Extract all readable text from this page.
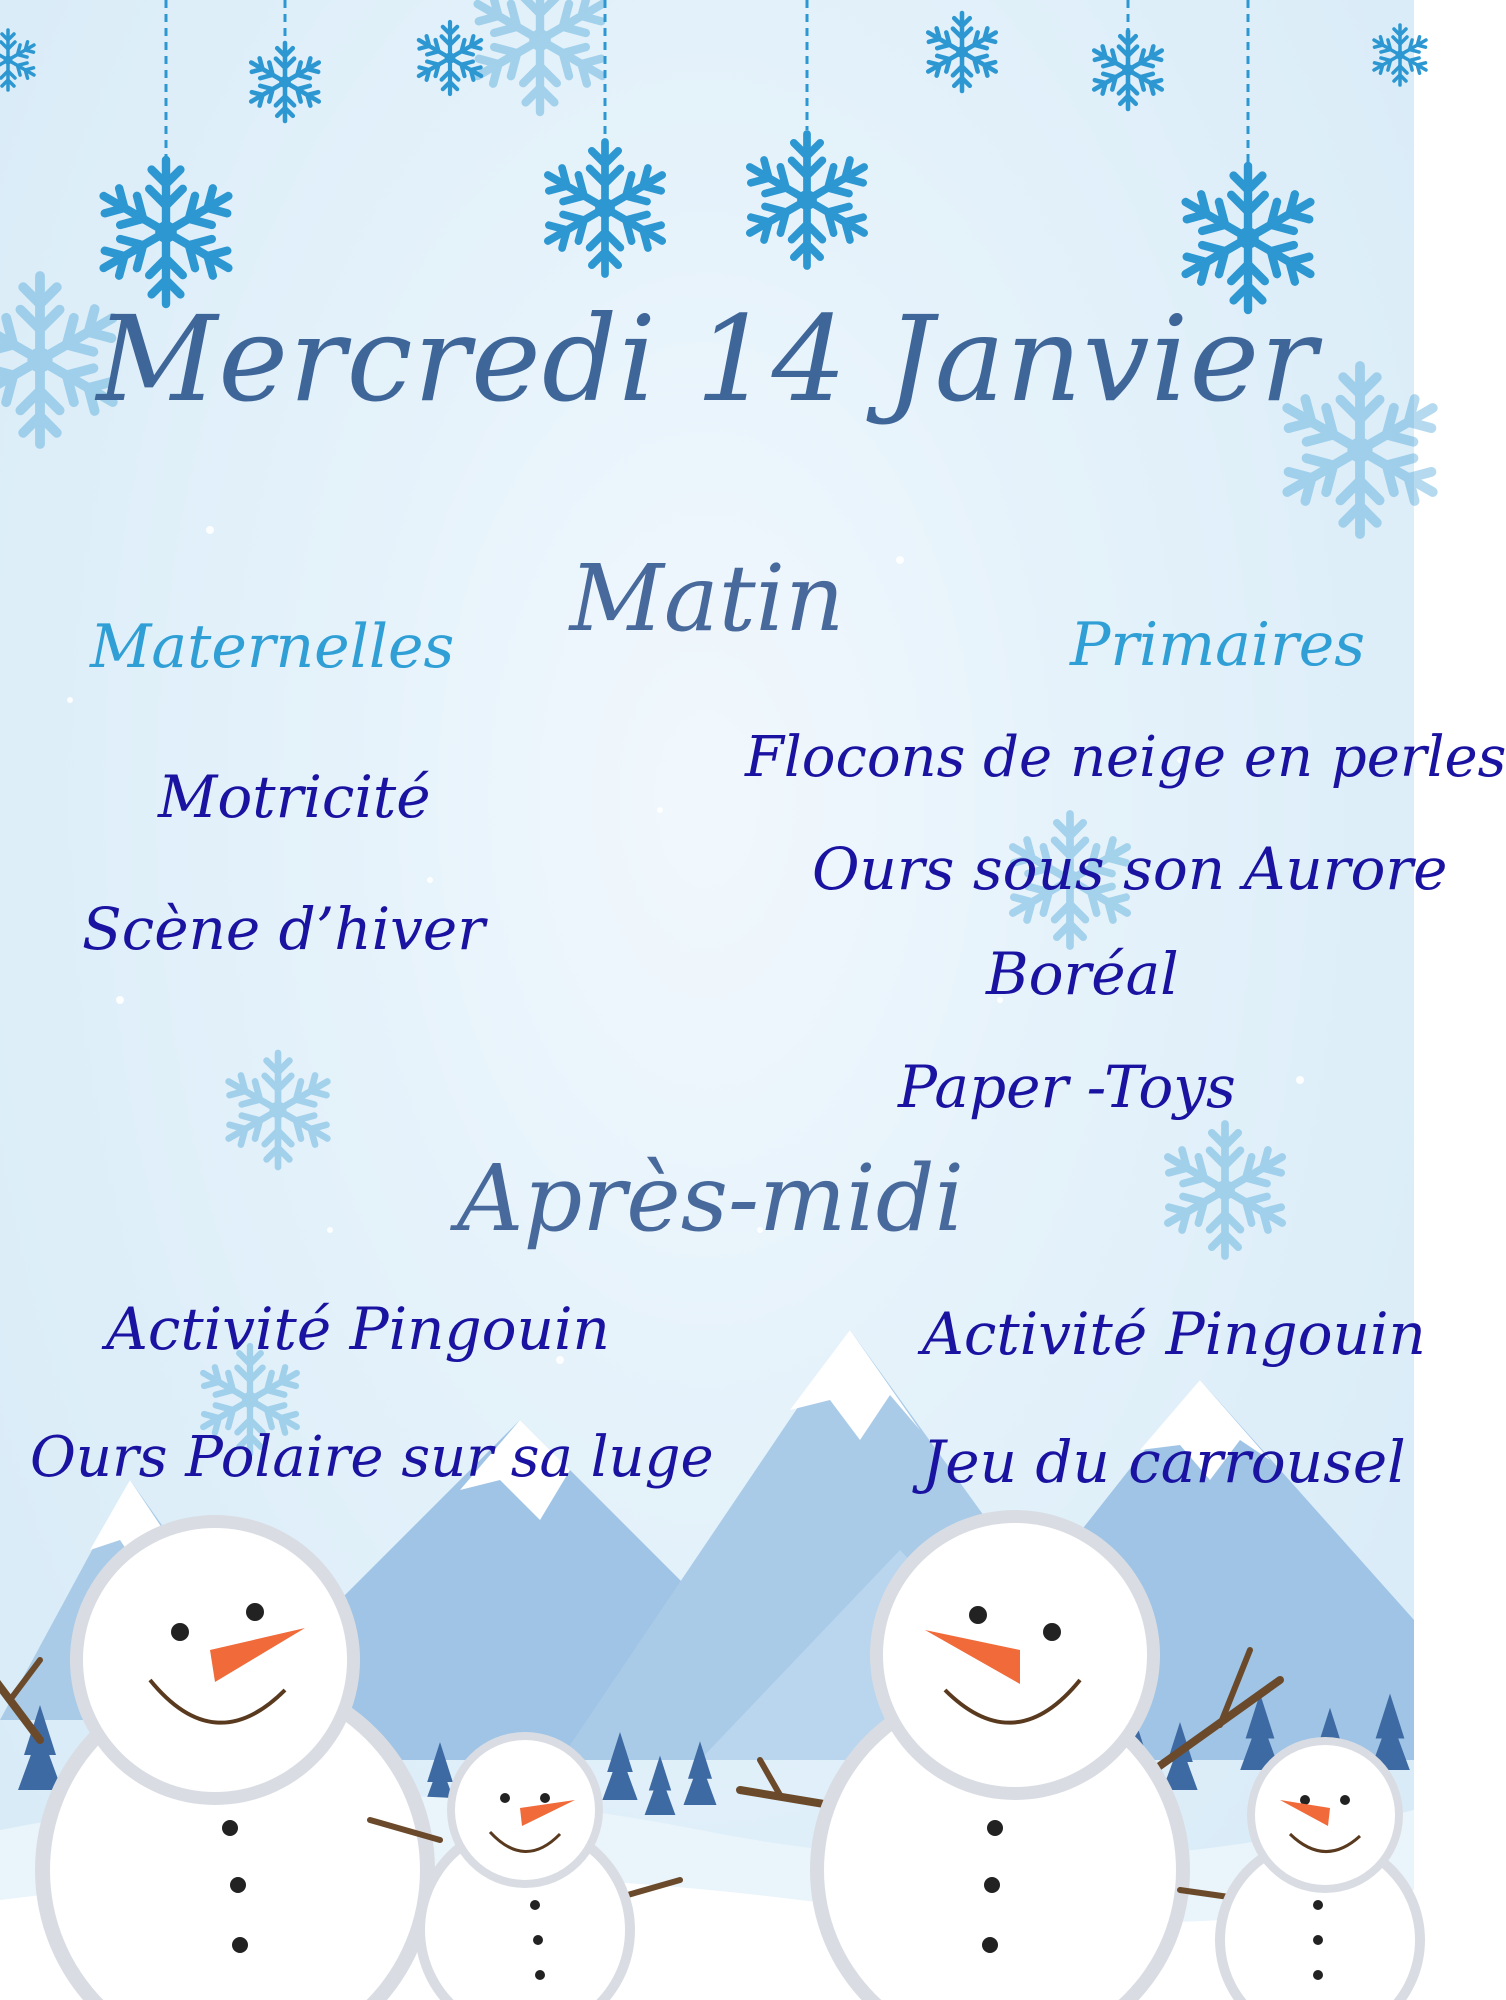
Mercredi 14 Janvier
Matin
Maternelles	Primaires
Motricité
Scène d’hiver
Flocons de neige en perles
Ours sous son Aurore
Boréal
Paper -Toys
Après-midi
Activité Pingouin
Ours Polaire sur sa luge
Activité Pingouin
Jeu du carrousel
